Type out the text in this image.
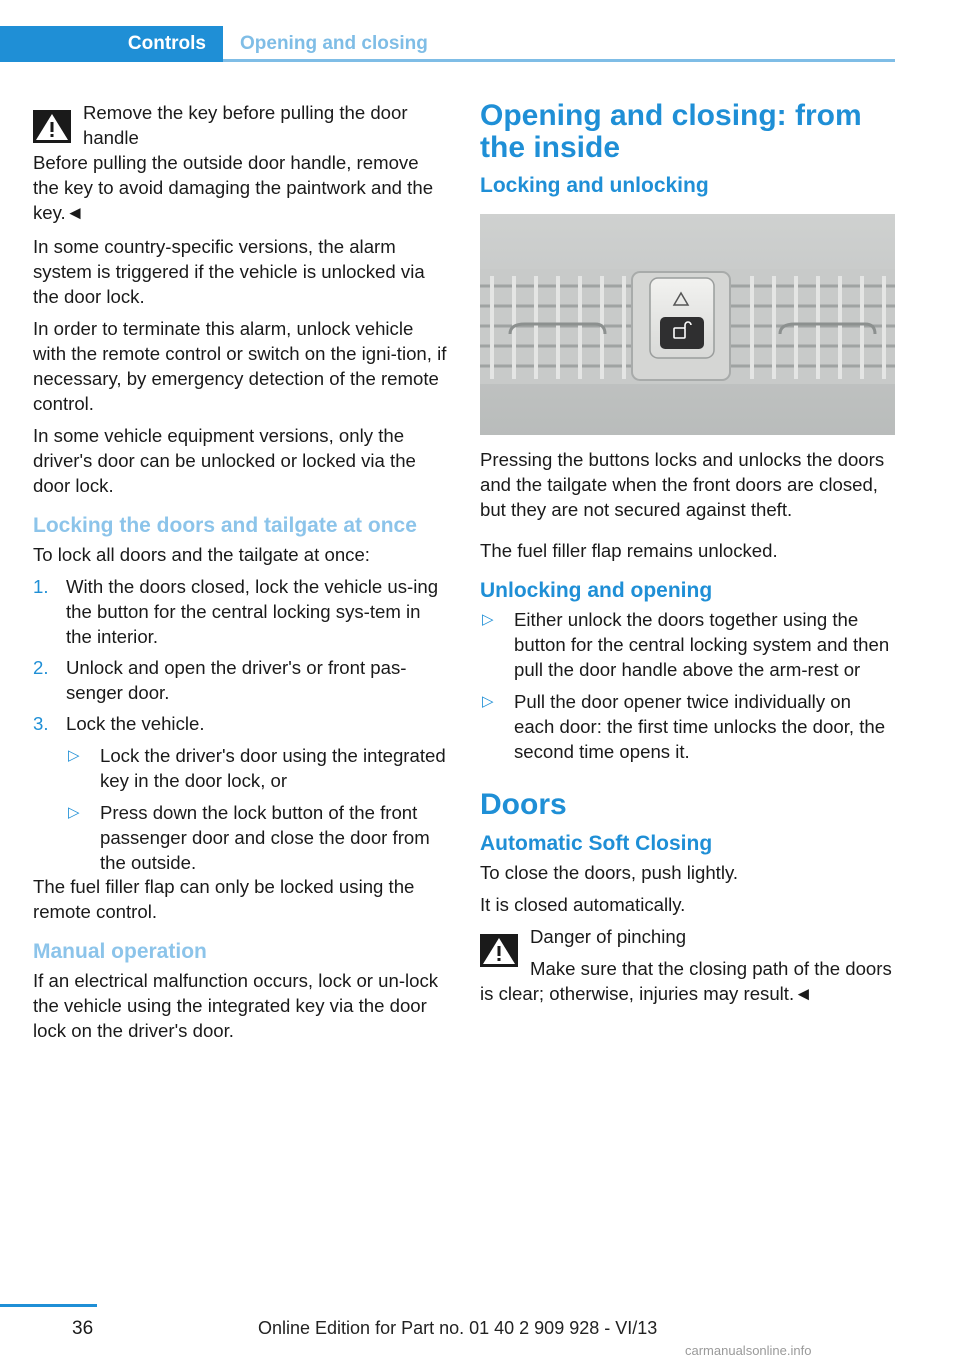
Controls	Opening and closing

Remove the key before pulling the door handle

Before pulling the outside door handle, remove the key to avoid damaging the paintwork and the key.◄

In some country-specific versions, the alarm system is triggered if the vehicle is unlocked via the door lock.

In order to terminate this alarm, unlock vehicle with the remote control or switch on the igni‐tion, if necessary, by emergency detection of the remote control.

In some vehicle equipment versions, only the driver's door can be unlocked or locked via the door lock.

Locking the doors and tailgate at once

To lock all doors and the tailgate at once:

1. With the doors closed, lock the vehicle us‐ing the button for the central locking sys‐tem in the interior.
2. Unlock and open the driver's or front pas‐senger door.
3. Lock the vehicle.
▷ Lock the driver's door using the integrated key in the door lock, or
▷ Press down the lock button of the front passenger door and close the door from the outside.

The fuel filler flap can only be locked using the remote control.

Manual operation

If an electrical malfunction occurs, lock or un‐lock the vehicle using the integrated key via the door lock on the driver's door.

Opening and closing: from the inside
Locking and unlocking

Pressing the buttons locks and unlocks the doors and the tailgate when the front doors are closed, but they are not secured against theft.

The fuel filler flap remains unlocked.

Unlocking and opening
▷ Either unlock the doors together using the button for the central locking system and then pull the door handle above the arm‐rest or
▷ Pull the door opener twice individually on each door: the first time unlocks the door, the second time opens it.
Doors
Automatic Soft Closing

To close the doors, push lightly.

It is closed automatically.

Danger of pinching

Make sure that the closing path of the doors is clear; otherwise, injuries may result.◄

36	Online Edition for Part no. 01 40 2 909 928 - VI/13
carmanualsonline.info
